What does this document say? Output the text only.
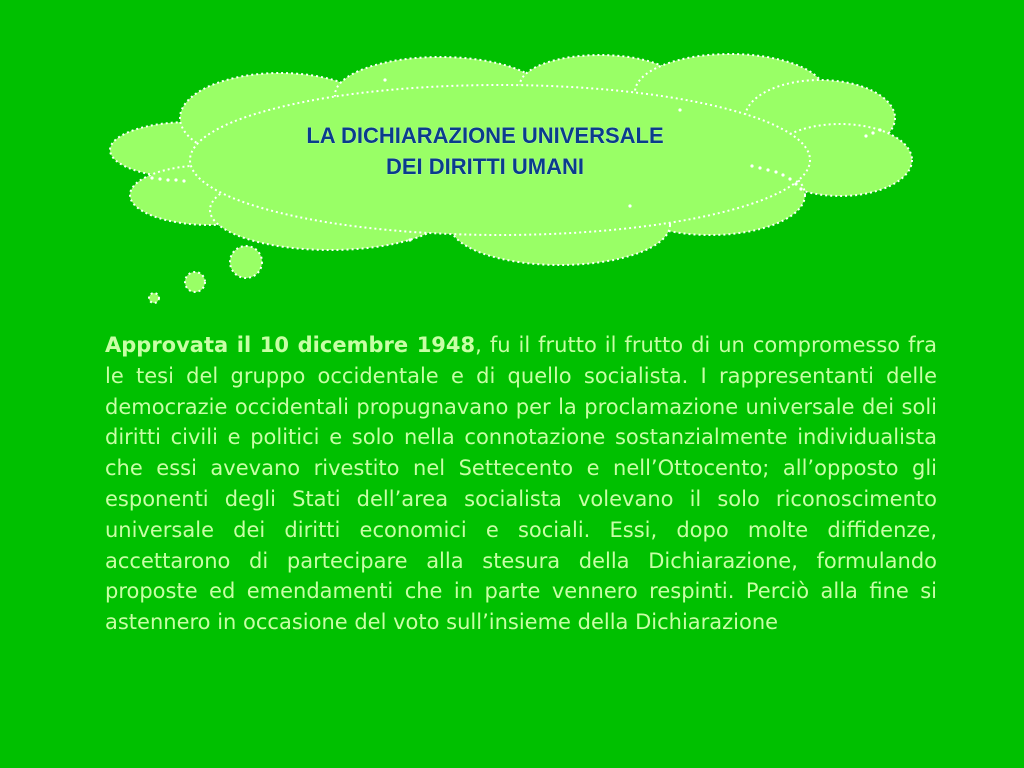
LA DICHIARAZIONE UNIVERSALE
DEI DIRITTI UMANI

Approvata il 10 dicembre 1948, fu il frutto il frutto di un compromesso fra le tesi del gruppo occidentale e di quello socialista. I rappresentanti delle democrazie occidentali propugnavano per la proclamazione universale dei soli diritti civili e politici e solo nella connotazione sostanzialmente individualista che essi avevano rivestito nel Settecento e nell’Ottocento; all’opposto gli esponenti degli Stati dell’area socialista volevano il solo riconoscimento universale dei diritti economici e sociali. Essi, dopo molte diffidenze, accettarono di partecipare alla stesura della Dichiarazione, formulando proposte ed emendamenti che in parte vennero respinti. Perciò alla fine si astennero in occasione del voto sull’insieme della Dichiarazione
